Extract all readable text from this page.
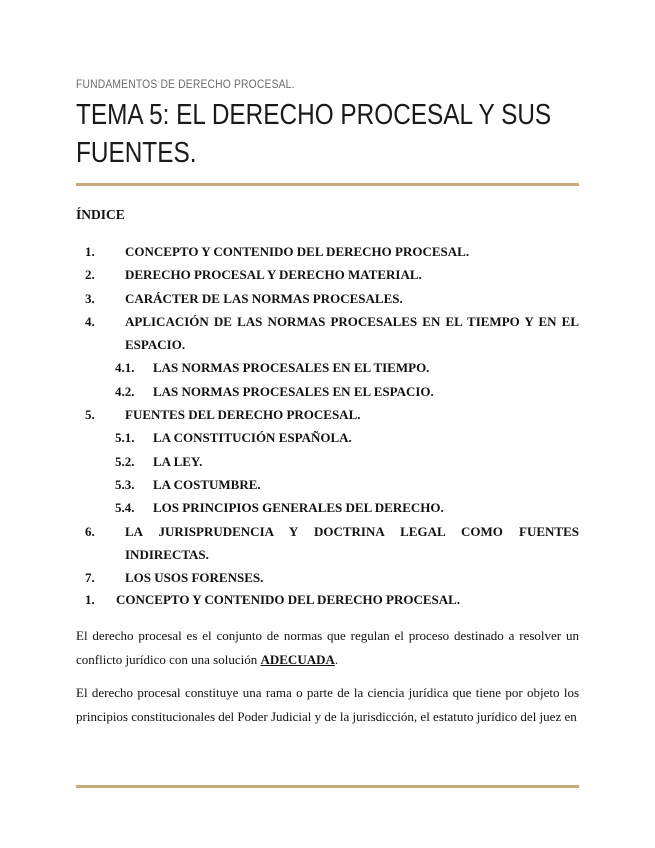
FUNDAMENTOS DE DERECHO PROCESAL.
TEMA 5: EL DERECHO PROCESAL Y SUS FUENTES.
ÍNDICE
1.	CONCEPTO Y CONTENIDO DEL DERECHO PROCESAL.
2.	DERECHO PROCESAL Y DERECHO MATERIAL.
3.	CARÁCTER DE LAS NORMAS PROCESALES.
4.	APLICACIÓN DE LAS NORMAS PROCESALES EN EL TIEMPO Y EN EL ESPACIO.
4.1.	LAS NORMAS PROCESALES EN EL TIEMPO.
4.2.	LAS NORMAS PROCESALES EN EL ESPACIO.
5.	FUENTES DEL DERECHO PROCESAL.
5.1.	LA CONSTITUCIÓN ESPAÑOLA.
5.2.	LA LEY.
5.3.	LA COSTUMBRE.
5.4.	LOS PRINCIPIOS GENERALES DEL DERECHO.
6.	LA JURISPRUDENCIA Y DOCTRINA LEGAL COMO FUENTES INDIRECTAS.
7.	LOS USOS FORENSES.
1.	CONCEPTO Y CONTENIDO DEL DERECHO PROCESAL.

El derecho procesal es el conjunto de normas que regulan el proceso destinado a resolver un conflicto jurídico con una solución ADECUADA.

El derecho procesal constituye una rama o parte de la ciencia jurídica que tiene por objeto los principios constitucionales del Poder Judicial y de la jurisdicción, el estatuto jurídico del juez en
